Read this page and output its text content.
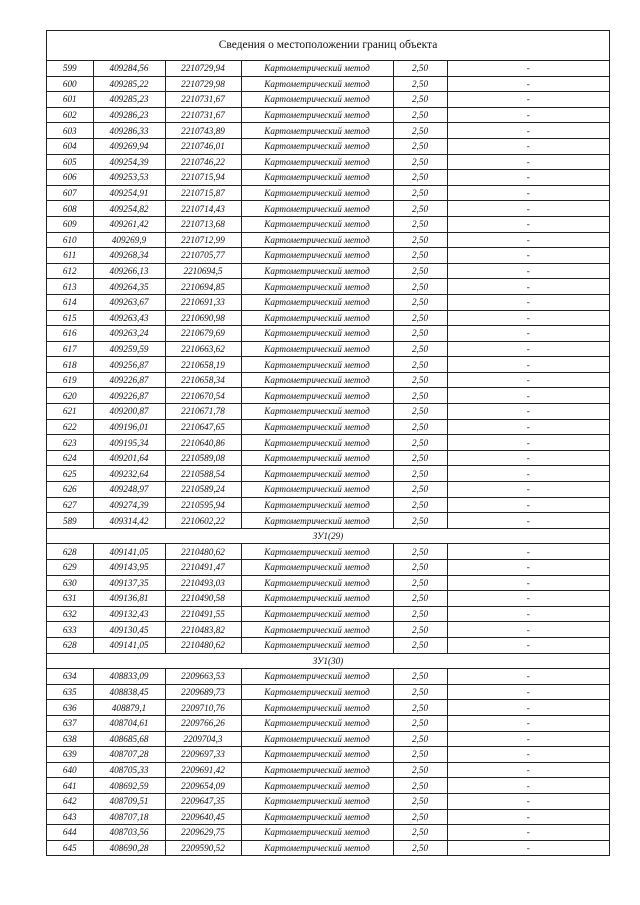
Сведения о местоположении границ объекта
599	409284,56	2210729,94	Картометрический метод	2,50	-
600	409285,22	2210729,98	Картометрический метод	2,50	-
601	409285,23	2210731,67	Картометрический метод	2,50	-
602	409286,23	2210731,67	Картометрический метод	2,50	-
603	409286,33	2210743,89	Картометрический метод	2,50	-
604	409269,94	2210746,01	Картометрический метод	2,50	-
605	409254,39	2210746,22	Картометрический метод	2,50	-
606	409253,53	2210715,94	Картометрический метод	2,50	-
607	409254,91	2210715,87	Картометрический метод	2,50	-
608	409254,82	2210714,43	Картометрический метод	2,50	-
609	409261,42	2210713,68	Картометрический метод	2,50	-
610	409269,9	2210712,99	Картометрический метод	2,50	-
611	409268,34	2210705,77	Картометрический метод	2,50	-
612	409266,13	2210694,5	Картометрический метод	2,50	-
613	409264,35	2210694,85	Картометрический метод	2,50	-
614	409263,67	2210691,33	Картометрический метод	2,50	-
615	409263,43	2210690,98	Картометрический метод	2,50	-
616	409263,24	2210679,69	Картометрический метод	2,50	-
617	409259,59	2210663,62	Картометрический метод	2,50	-
618	409256,87	2210658,19	Картометрический метод	2,50	-
619	409226,87	2210658,34	Картометрический метод	2,50	-
620	409226,87	2210670,54	Картометрический метод	2,50	-
621	409200,87	2210671,78	Картометрический метод	2,50	-
622	409196,01	2210647,65	Картометрический метод	2,50	-
623	409195,34	2210640,86	Картометрический метод	2,50	-
624	409201,64	2210589,08	Картометрический метод	2,50	-
625	409232,64	2210588,54	Картометрический метод	2,50	-
626	409248,97	2210589,24	Картометрический метод	2,50	-
627	409274,39	2210595,94	Картометрический метод	2,50	-
589	409314,42	2210602,22	Картометрический метод	2,50	-
ЗУ1(29)					
628	409141,05	2210480,62	Картометрический метод	2,50	-
629	409143,95	2210491,47	Картометрический метод	2,50	-
630	409137,35	2210493,03	Картометрический метод	2,50	-
631	409136,81	2210490,58	Картометрический метод	2,50	-
632	409132,43	2210491,55	Картометрический метод	2,50	-
633	409130,45	2210483,82	Картометрический метод	2,50	-
628	409141,05	2210480,62	Картометрический метод	2,50	-
ЗУ1(30)					
634	408833,09	2209663,53	Картометрический метод	2,50	-
635	408838,45	2209689,73	Картометрический метод	2,50	-
636	408879,1	2209710,76	Картометрический метод	2,50	-
637	408704,61	2209766,26	Картометрический метод	2,50	-
638	408685,68	2209704,3	Картометрический метод	2,50	-
639	408707,28	2209697,33	Картометрический метод	2,50	-
640	408705,33	2209691,42	Картометрический метод	2,50	-
641	408692,59	2209654,09	Картометрический метод	2,50	-
642	408709,51	2209647,35	Картометрический метод	2,50	-
643	408707,18	2209640,45	Картометрический метод	2,50	-
644	408703,56	2209629,75	Картометрический метод	2,50	-
645	408690,28	2209590,52	Картометрический метод	2,50	-
